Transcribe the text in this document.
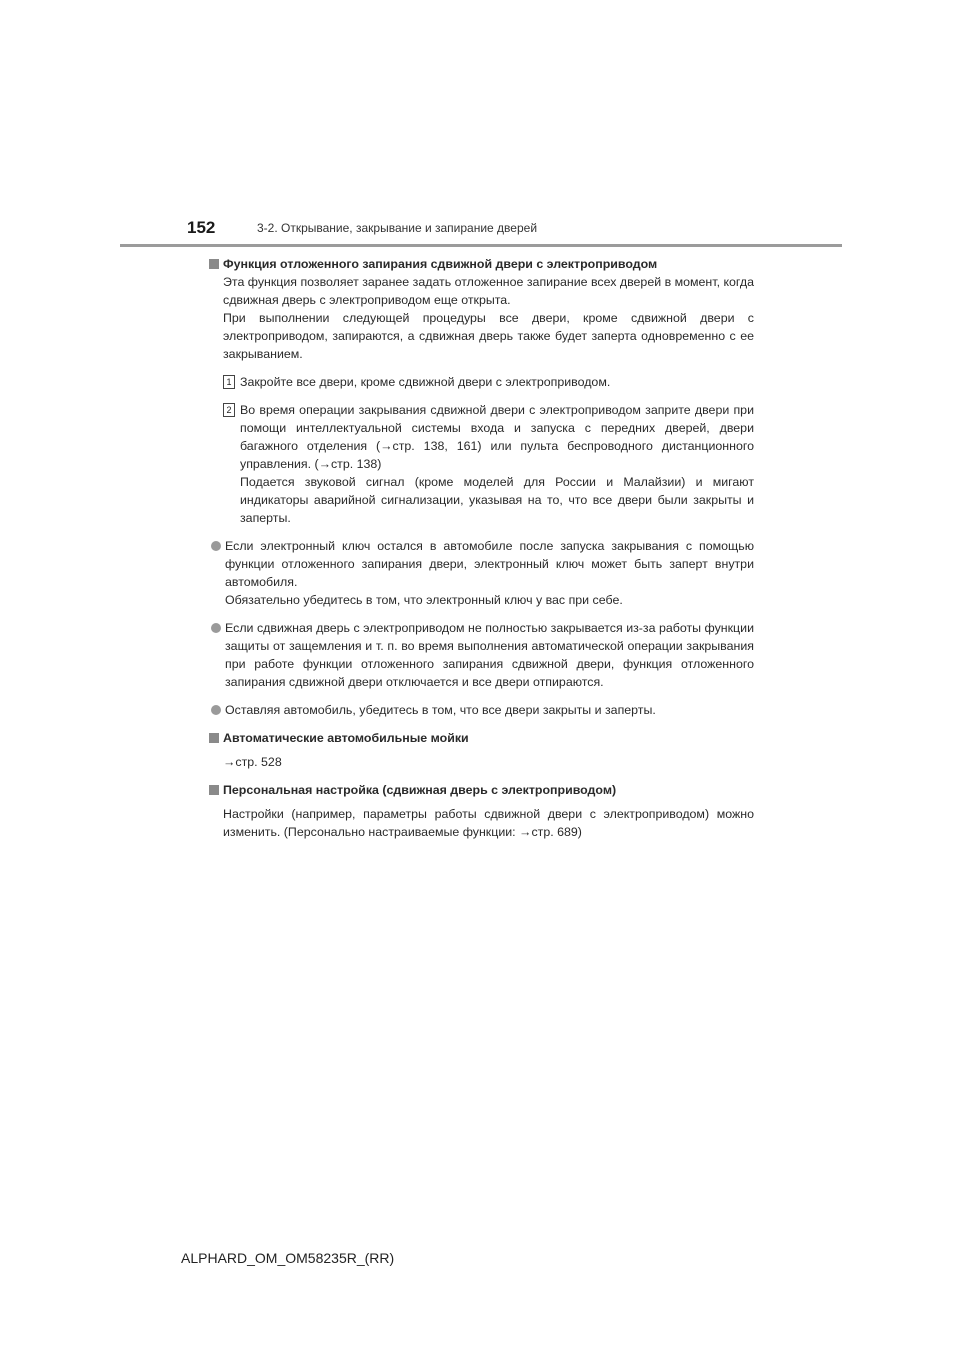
152	3-2. Открывание, закрывание и запирание дверей
Функция отложенного запирания сдвижной двери с электроприводом
Эта функция позволяет заранее задать отложенное запирание всех дверей в момент, когда сдвижная дверь с электроприводом еще открыта.
При выполнении следующей процедуры все двери, кроме сдвижной двери с электроприводом, запираются, а сдвижная дверь также будет заперта одновременно с ее закрыванием.
1 Закройте все двери, кроме сдвижной двери с электроприводом.
2 Во время операции закрывания сдвижной двери с электроприводом заприте двери при помощи интеллектуальной системы входа и запуска с передних дверей, двери багажного отделения (→стр. 138, 161) или пульта беспроводного дистанционного управления. (→стр. 138)
Подается звуковой сигнал (кроме моделей для России и Малайзии) и мигают индикаторы аварийной сигнализации, указывая на то, что все двери были закрыты и заперты.
Если электронный ключ остался в автомобиле после запуска закрывания с помощью функции отложенного запирания двери, электронный ключ может быть заперт внутри автомобиля.
Обязательно убедитесь в том, что электронный ключ у вас при себе.
Если сдвижная дверь с электроприводом не полностью закрывается из-за работы функции защиты от защемления и т. п. во время выполнения автоматической операции закрывания при работе функции отложенного запирания сдвижной двери, функция отложенного запирания сдвижной двери отключается и все двери отпираются.
Оставляя автомобиль, убедитесь в том, что все двери закрыты и заперты.
Автоматические автомобильные мойки
→стр. 528
Персональная настройка (сдвижная дверь с электроприводом)
Настройки (например, параметры работы сдвижной двери с электроприводом) можно изменить. (Персонально настраиваемые функции: →стр. 689)
ALPHARD_OM_OM58235R_(RR)
